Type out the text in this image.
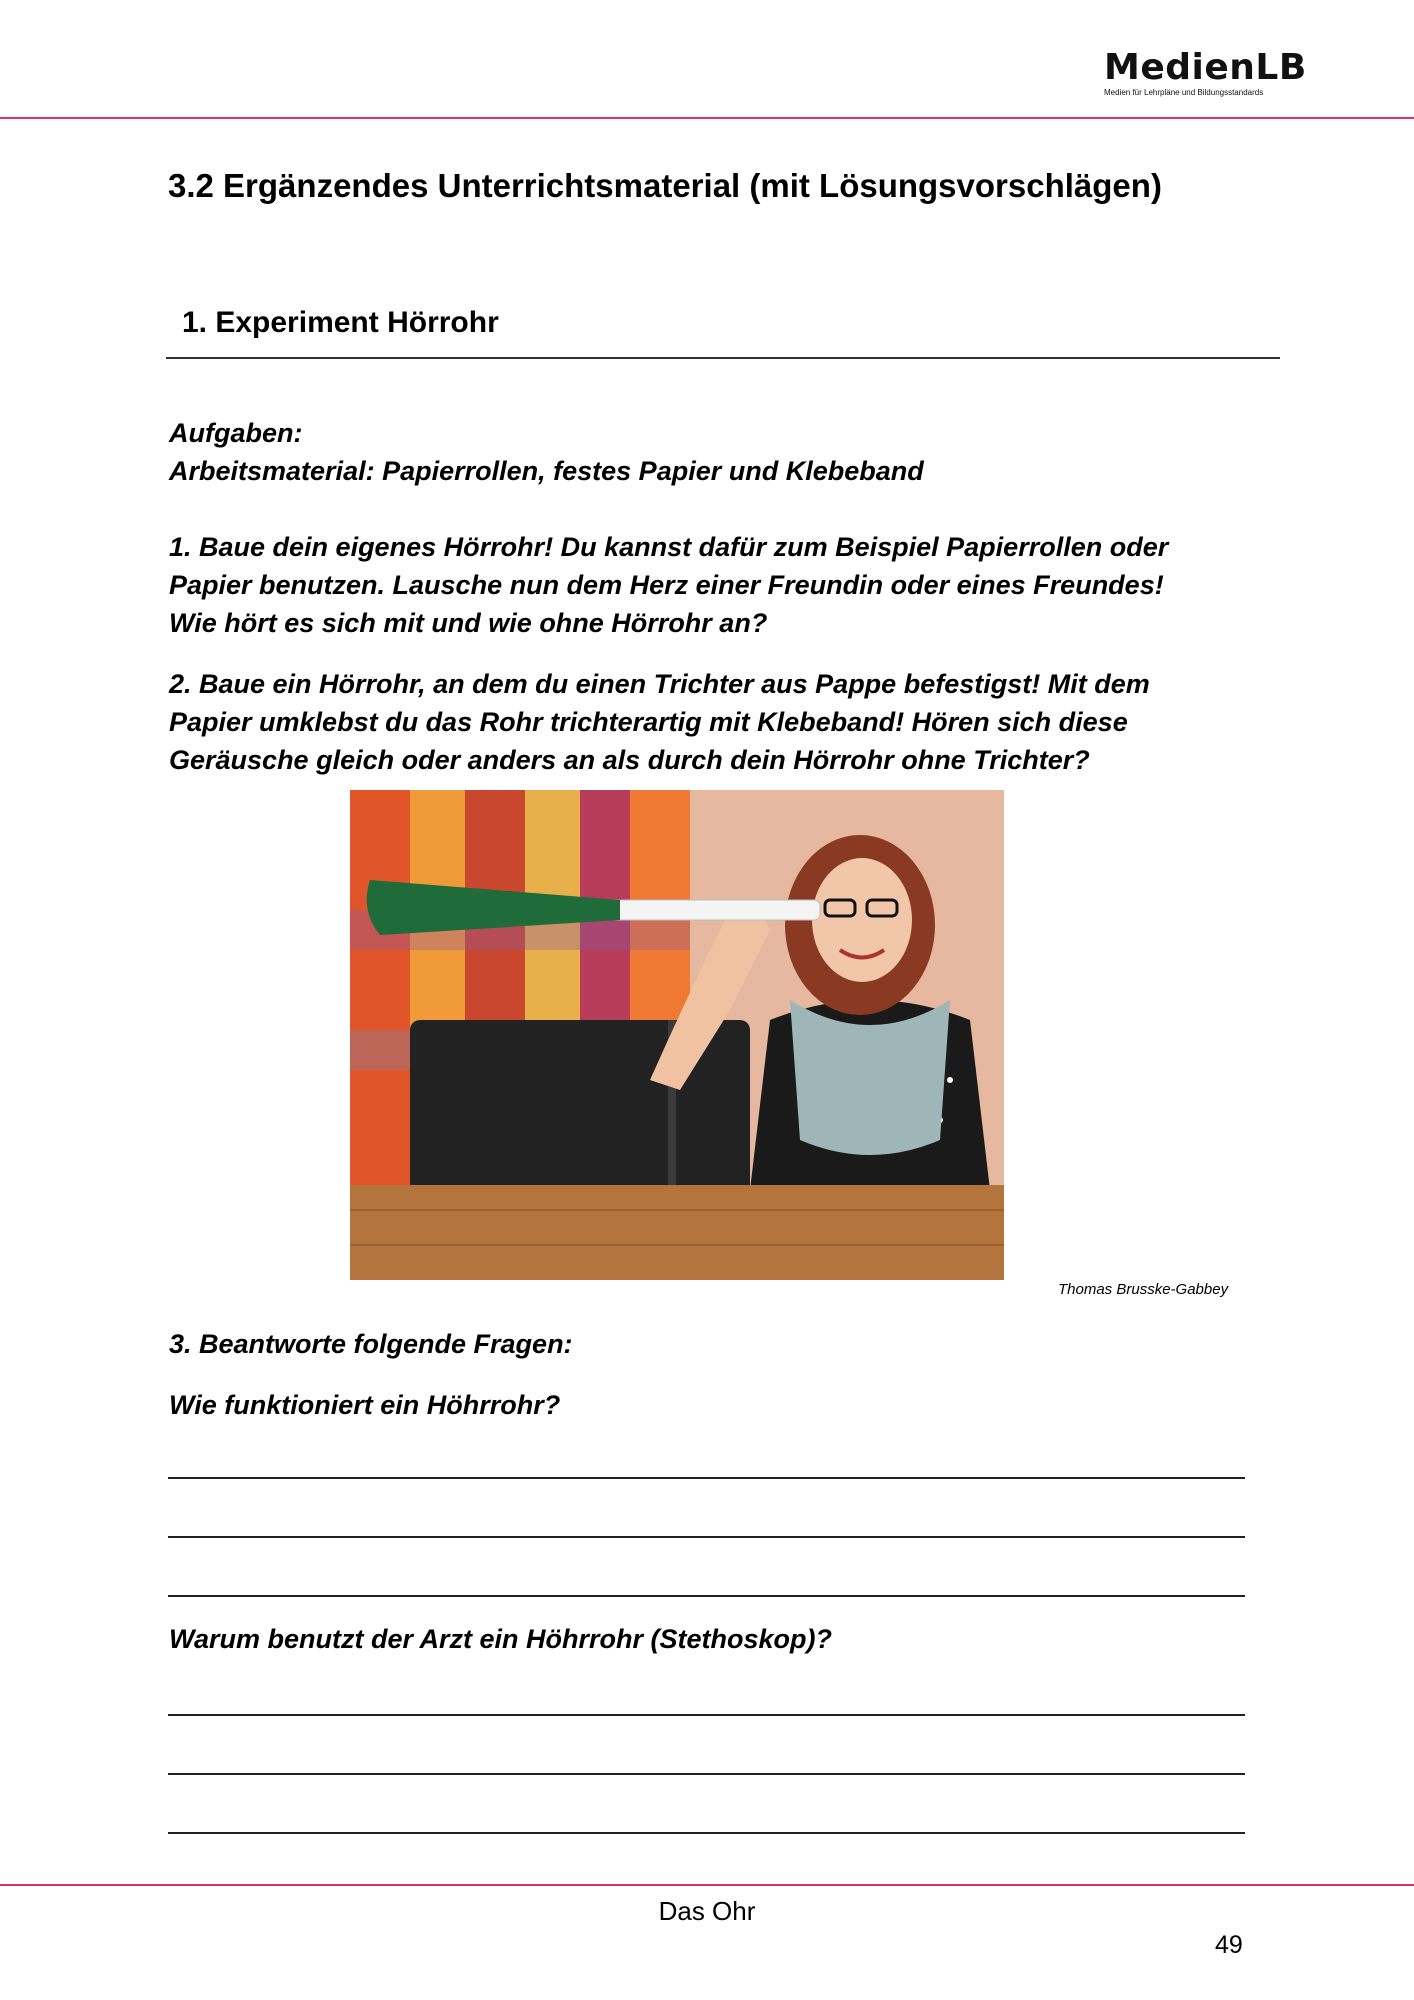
MedienLB
Medien für Lehrpläne und Bildungsstandards
3.2 Ergänzendes Unterrichtsmaterial (mit Lösungsvorschlägen)
1. Experiment Hörrohr
Aufgaben:
Arbeitsmaterial: Papierrollen, festes Papier und Klebeband
1. Baue dein eigenes Hörrohr! Du kannst dafür zum Beispiel Papierrollen oder
Papier benutzen. Lausche nun dem Herz einer Freundin oder eines Freundes!
Wie hört es sich mit und wie ohne Hörrohr an?
2. Baue ein Hörrohr, an dem du einen Trichter aus Pappe befestigst! Mit dem
Papier umklebst du das Rohr trichterartig mit Klebeband! Hören sich diese
Geräusche gleich oder anders an als durch dein Hörrohr ohne Trichter?
Thomas Brusske-Gabbey
3. Beantworte folgende Fragen:
Wie funktioniert ein Höhrrohr?
Warum benutzt der Arzt ein Höhrrohr (Stethoskop)?
Das Ohr
49
